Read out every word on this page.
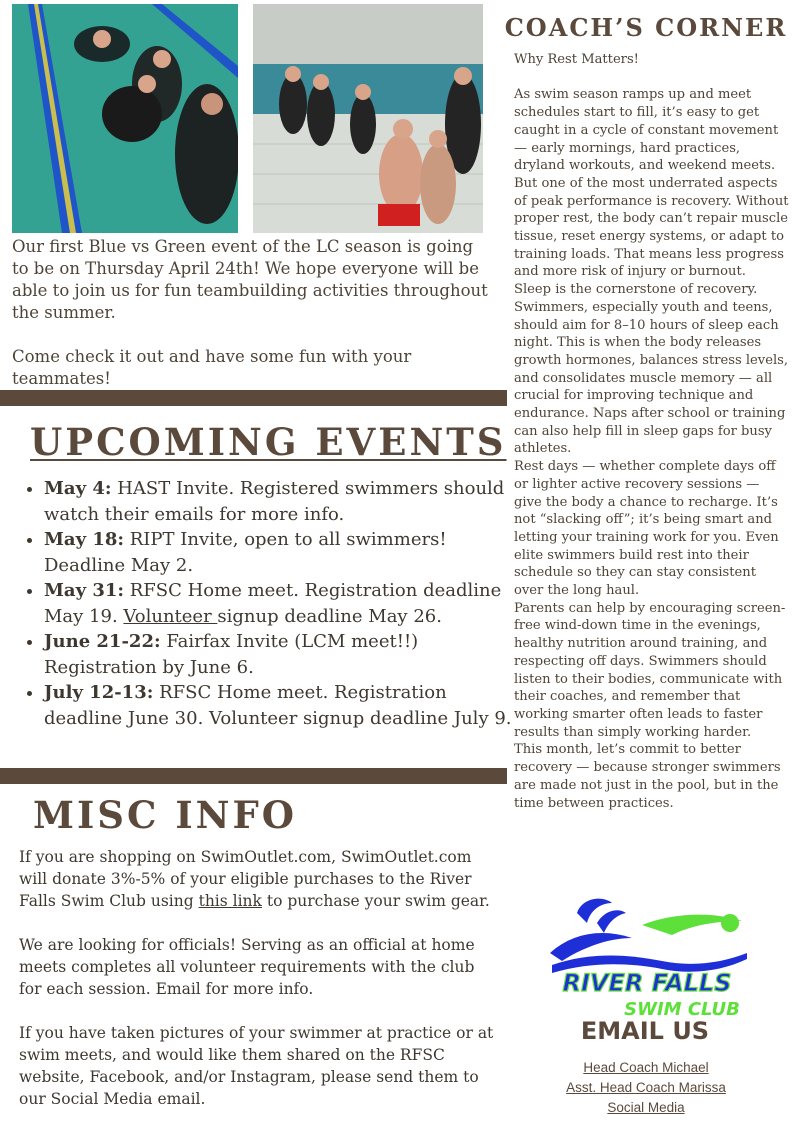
Our first Blue vs Green event of the LC season is going to be on Thursday April 24th! We hope everyone will be able to join us for fun teambuilding activities throughout the summer.

Come check it out and have some fun with your teammates!

UPCOMING EVENTS
• May 4: HAST Invite. Registered swimmers should watch their emails for more info.
• May 18: RIPT Invite, open to all swimmers! Deadline May 2.
• May 31: RFSC Home meet. Registration deadline May 19. Volunteer signup deadline May 26.
• June 21-22: Fairfax Invite (LCM meet!!) Registration by June 6.
• July 12-13: RFSC Home meet. Registration deadline June 30. Volunteer signup deadline July 9.
MISC INFO

If you are shopping on SwimOutlet.com, SwimOutlet.com will donate 3%-5% of your eligible purchases to the River Falls Swim Club using this link to purchase your swim gear.

We are looking for officials! Serving as an official at home meets completes all volunteer requirements with the club for each session. Email for more info.

If you have taken pictures of your swimmer at practice or at swim meets, and would like them shared on the RFSC website, Facebook, and/or Instagram, please send them to our Social Media email.

COACH’S CORNER

Why Rest Matters!

As swim season ramps up and meet schedules start to fill, it’s easy to get caught in a cycle of constant movement — early mornings, hard practices, dryland workouts, and weekend meets. But one of the most underrated aspects of peak performance is recovery. Without proper rest, the body can’t repair muscle tissue, reset energy systems, or adapt to training loads. That means less progress and more risk of injury or burnout.

Sleep is the cornerstone of recovery. Swimmers, especially youth and teens, should aim for 8–10 hours of sleep each night. This is when the body releases growth hormones, balances stress levels, and consolidates muscle memory — all crucial for improving technique and endurance. Naps after school or training can also help fill in sleep gaps for busy athletes.

Rest days — whether complete days off or lighter active recovery sessions — give the body a chance to recharge. It’s not “slacking off”; it’s being smart and letting your training work for you. Even elite swimmers build rest into their schedule so they can stay consistent over the long haul.

Parents can help by encouraging screen-free wind-down time in the evenings, healthy nutrition around training, and respecting off days. Swimmers should listen to their bodies, communicate with their coaches, and remember that working smarter often leads to faster results than simply working harder.

This month, let’s commit to better recovery — because stronger swimmers are made not just in the pool, but in the time between practices.

RIVER FALLS
SWIM CLUB
EMAIL US
Head Coach Michael
Asst. Head Coach Marissa
Social Media
